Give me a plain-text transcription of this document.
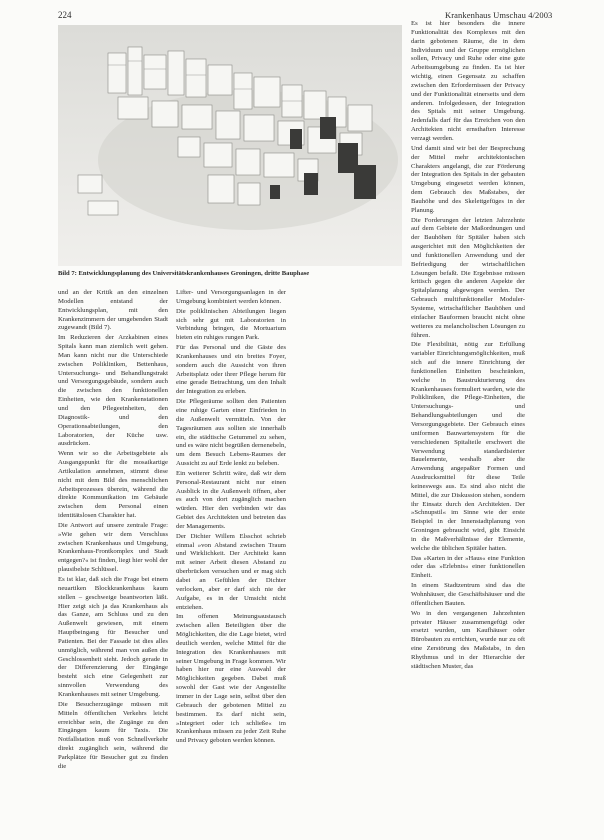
224	Krankenhaus Umschau 4/2003
Bild 7: Entwicklungsplanung des Universitätskrankenhauses Groningen, dritte Bauphase

und an der Kritik an den einzelnen Modellen entstand der Entwicklungsplan, mit den Krankenzimmern der umgebenden Stadt zugewandt (Bild 7).

Im Reduzieren der Arzkabinen eines Spitals kann man ziemlich weit gehen. Man kann nicht nur die Unterschiede zwischen Polikliniken, Bettenhaus, Untersuchungs- und Behandlungstrakt und Versorgungsgebäude, sondern auch die zwischen den funktionellen Einheiten, wie den Krankenstationen und den Pflegeeinheiten, den Diagnostik- und den Operationsabteilungen, den Laboratorien, der Küche usw. ausdrücken.

Wenn wir so die Arbeitsgebiete als Ausgangspunkt für die mosaikartige Artikulation annehmen, stimmt diese nicht mit dem Bild des menschlichen Arbeitsprozesses überein, während die direkte Kommunikation im Gebäude zwischen dem Personal einen identitätslosen Charakter hat.

Die Antwort auf unsere zentrale Frage: »Wie gehen wir dem Verschluss zwischen Krankenhaus und Umgebung, Krankenhaus-Frontkomplex und Stadt entgegen?« ist finden, liegt hier wohl der plausibelste Schlüssel.

Es ist klar, daß sich die Frage bei einem neuartiken Blockkrankenhaus kaum stellen – geschweige beantworten läßt. Hier zeigt sich ja das Krankenhaus als das Ganze, am Schluss und zu den Außenwelt gewiesen, mit einem Hauptbeingang für Besucher und Patienten. Bei der Fassade ist dies alles unmöglich, während man von außen die Geschlossenheit sieht. Jedoch gerade in der Differenzierung der Eingänge besteht sich eine Gelegenheit zur sinnvollen Verwendung des Krankenhauses mit seiner Umgebung.

Die Besucherzugänge müssen mit Mitteln öffentlichen Verkehrs leicht erreichbar sein, die Zugänge zu den Eingängen kaum für Taxis. Die Notfallstation muß von Schnellverkehr direkt zugänglich sein, während die Parkplätze für Besucher gut zu finden die

Lifter- und Versorgungsanlagen in der Umgebung kombiniert werden können.

Die poliklinischen Abteilungen liegen sich sehr gut mit Laboratorien in Verbindung bringen, die Mortuarium bieten ein ruhiges rungen Park.

Für das Personal und die Gäste des Krankenhauses und ein breites Foyer, sondern auch die Aussicht von ihren Arbeitsplatz oder ihrer Pflege herum für eine gerade Betrachtung, um den Inhalt der Integration zu erleben.

Die Pflegeräume sollten den Patienten eine ruhige Garten einer Einfrieden in die Außenwelt vermitteln. Von der Tagesräumen aus sollten sie innerhalb ein, die städtische Getummel zu sehen, und es wäre nicht begrüßen dernenebeln, um dem Besuch Lebens-Raumes der Aussicht zu auf Erde lenkt zu beleben.

Ein weiterer Schritt wäre, daß wir dem Personal-Restaurant nicht nur einen Ausblick in die Außenwelt öffnen, aber es auch von dort zugänglich machen würden. Hier den verbinden wir das Gebiet des Architekten und betreten das der Managements.

Der Dichter Willem Elsschot schrieb einmal »von Abstand zwischen Traum und Wirklichkeit. Der Architekt kann mit seiner Arbeit diesen Abstand zu überbrücken versuchen und er mag sich dabei an Gefühlen der Dichter verlocken, aber er darf sich nie der Aufgabe, es in der Umsicht nicht entziehen.

Im offenen Meinungsaustausch zwischen allen Beteiligten über die Möglichkeiten, die die Lage bietet, wird deutlich werden, welche Mittel für die Integration des Krankenhauses mit seiner Umgebung in Frage kommen. Wir haben hier nur eine Auswahl der Möglichkeiten gegeben. Dabei muß sowohl der Gast wie der Angestellte immer in der Lage sein, selbst über den Gebrauch der gebotenen Mittel zu bestimmen. Es darf nicht sein, »Integriert oder ich schließe« im Krankenhaus müssen zu jeder Zeit Ruhe und Privacy geboten werden können.

Es ist hier besonders die innere Funktionalität des Komplexes mit den darin gebotenen Räume, die in dem Individuum und der Gruppe ermöglichen sollen, Privacy und Ruhe oder eine gute Arbeitsumgebung zu finden. Es ist hier wichtig, einen Gegensatz zu schaffen zwischen den Erfordernissen der Privacy und der Funktionalität einerseits und dem anderen. Infolgedessen, der Integration des Spitals mit seiner Umgebung. Jedenfalls darf für das Erreichen von den Architekten nicht ernsthaften Interesse verzagt werden.

Und damit sind wir bei der Besprechung der Mittel mehr architektonischen Charakters angelangt, die zur Förderung der Integration des Spitals in der gebauten Umgebung eingesetzt werden können, dem Gebrauch des Maßstabes, der Bauhöhe und des Skelettgefüges in der Planung.

Die Forderungen der letzten Jahrzehnte auf dem Gebiete der Maßordnungen und der Bauhöhen für Spitäler haben sich ausgerichtet mit den Möglichkeiten der und funktionellen Anwendung und der Befriedigung der wirtschaftlichen Lösungen befaßt. Die Ergebnisse müssen kritisch gegen die anderen Aspekte der Spitalplanung abgewogen werden. Der Gebrauch multifunktioneller Moduler-Systeme, wirtschaftlicher Bauhöhen und einfacher Bauformen braucht nicht ohne weiteres zu melancholischen Lösungen zu führen.

Die Flexibilität, nötig zur Erfüllung variabler Einrichtungsmöglichkeiten, muß sich auf die innere Einrichtung der funktionellen Einheiten beschränken, welche in Baustrukturierung des Krankenhauses formuliert warden, wie die Polikliniken, die Pflege-Einheiten, die Untersuchungs- und Behandlungsabteilungen und die Versorgungsgebiete. Der Gebrauch eines uniformen Bauwartensystem für die verschiedenen Spitalteile erschwert die Verwendung standardisierter Bauelemente, weshalb aber die Anwendung angepaßter Formen und Ausdrucksmittel für diese Teile keineswegs aus. Es sind also nicht die Mittel, die zur Diskussion stehen, sondern ihr Einsatz durch den Architekten. Der »Schnupstil« im Sinne wie der erste Beispiel in der Innenstadtplanung von Groningen gebraucht wird, gibt Einsicht in die Maßverhältnisse der Elemente, welche die üblichen Spitäler hatten.

Das »Karten in der »Haus« eine Funktion oder das »Erlebnis« einer funktionellen Einheit.

In einem Stadtzentrum sind das die Wohnhäuser, die Geschäftshäuser und die öffentlichen Bauten.

Wo in den vergangenen Jahrzehnten privater Häuser zusammengefügt oder ersetzt wurden, um Kaufhäuser oder Bürobauten zu errichten, wurde nur zu oft eine Zerstörung des Maßstabs, in den Rhythmus und in der Hierarchie der städtischen Muster, das
